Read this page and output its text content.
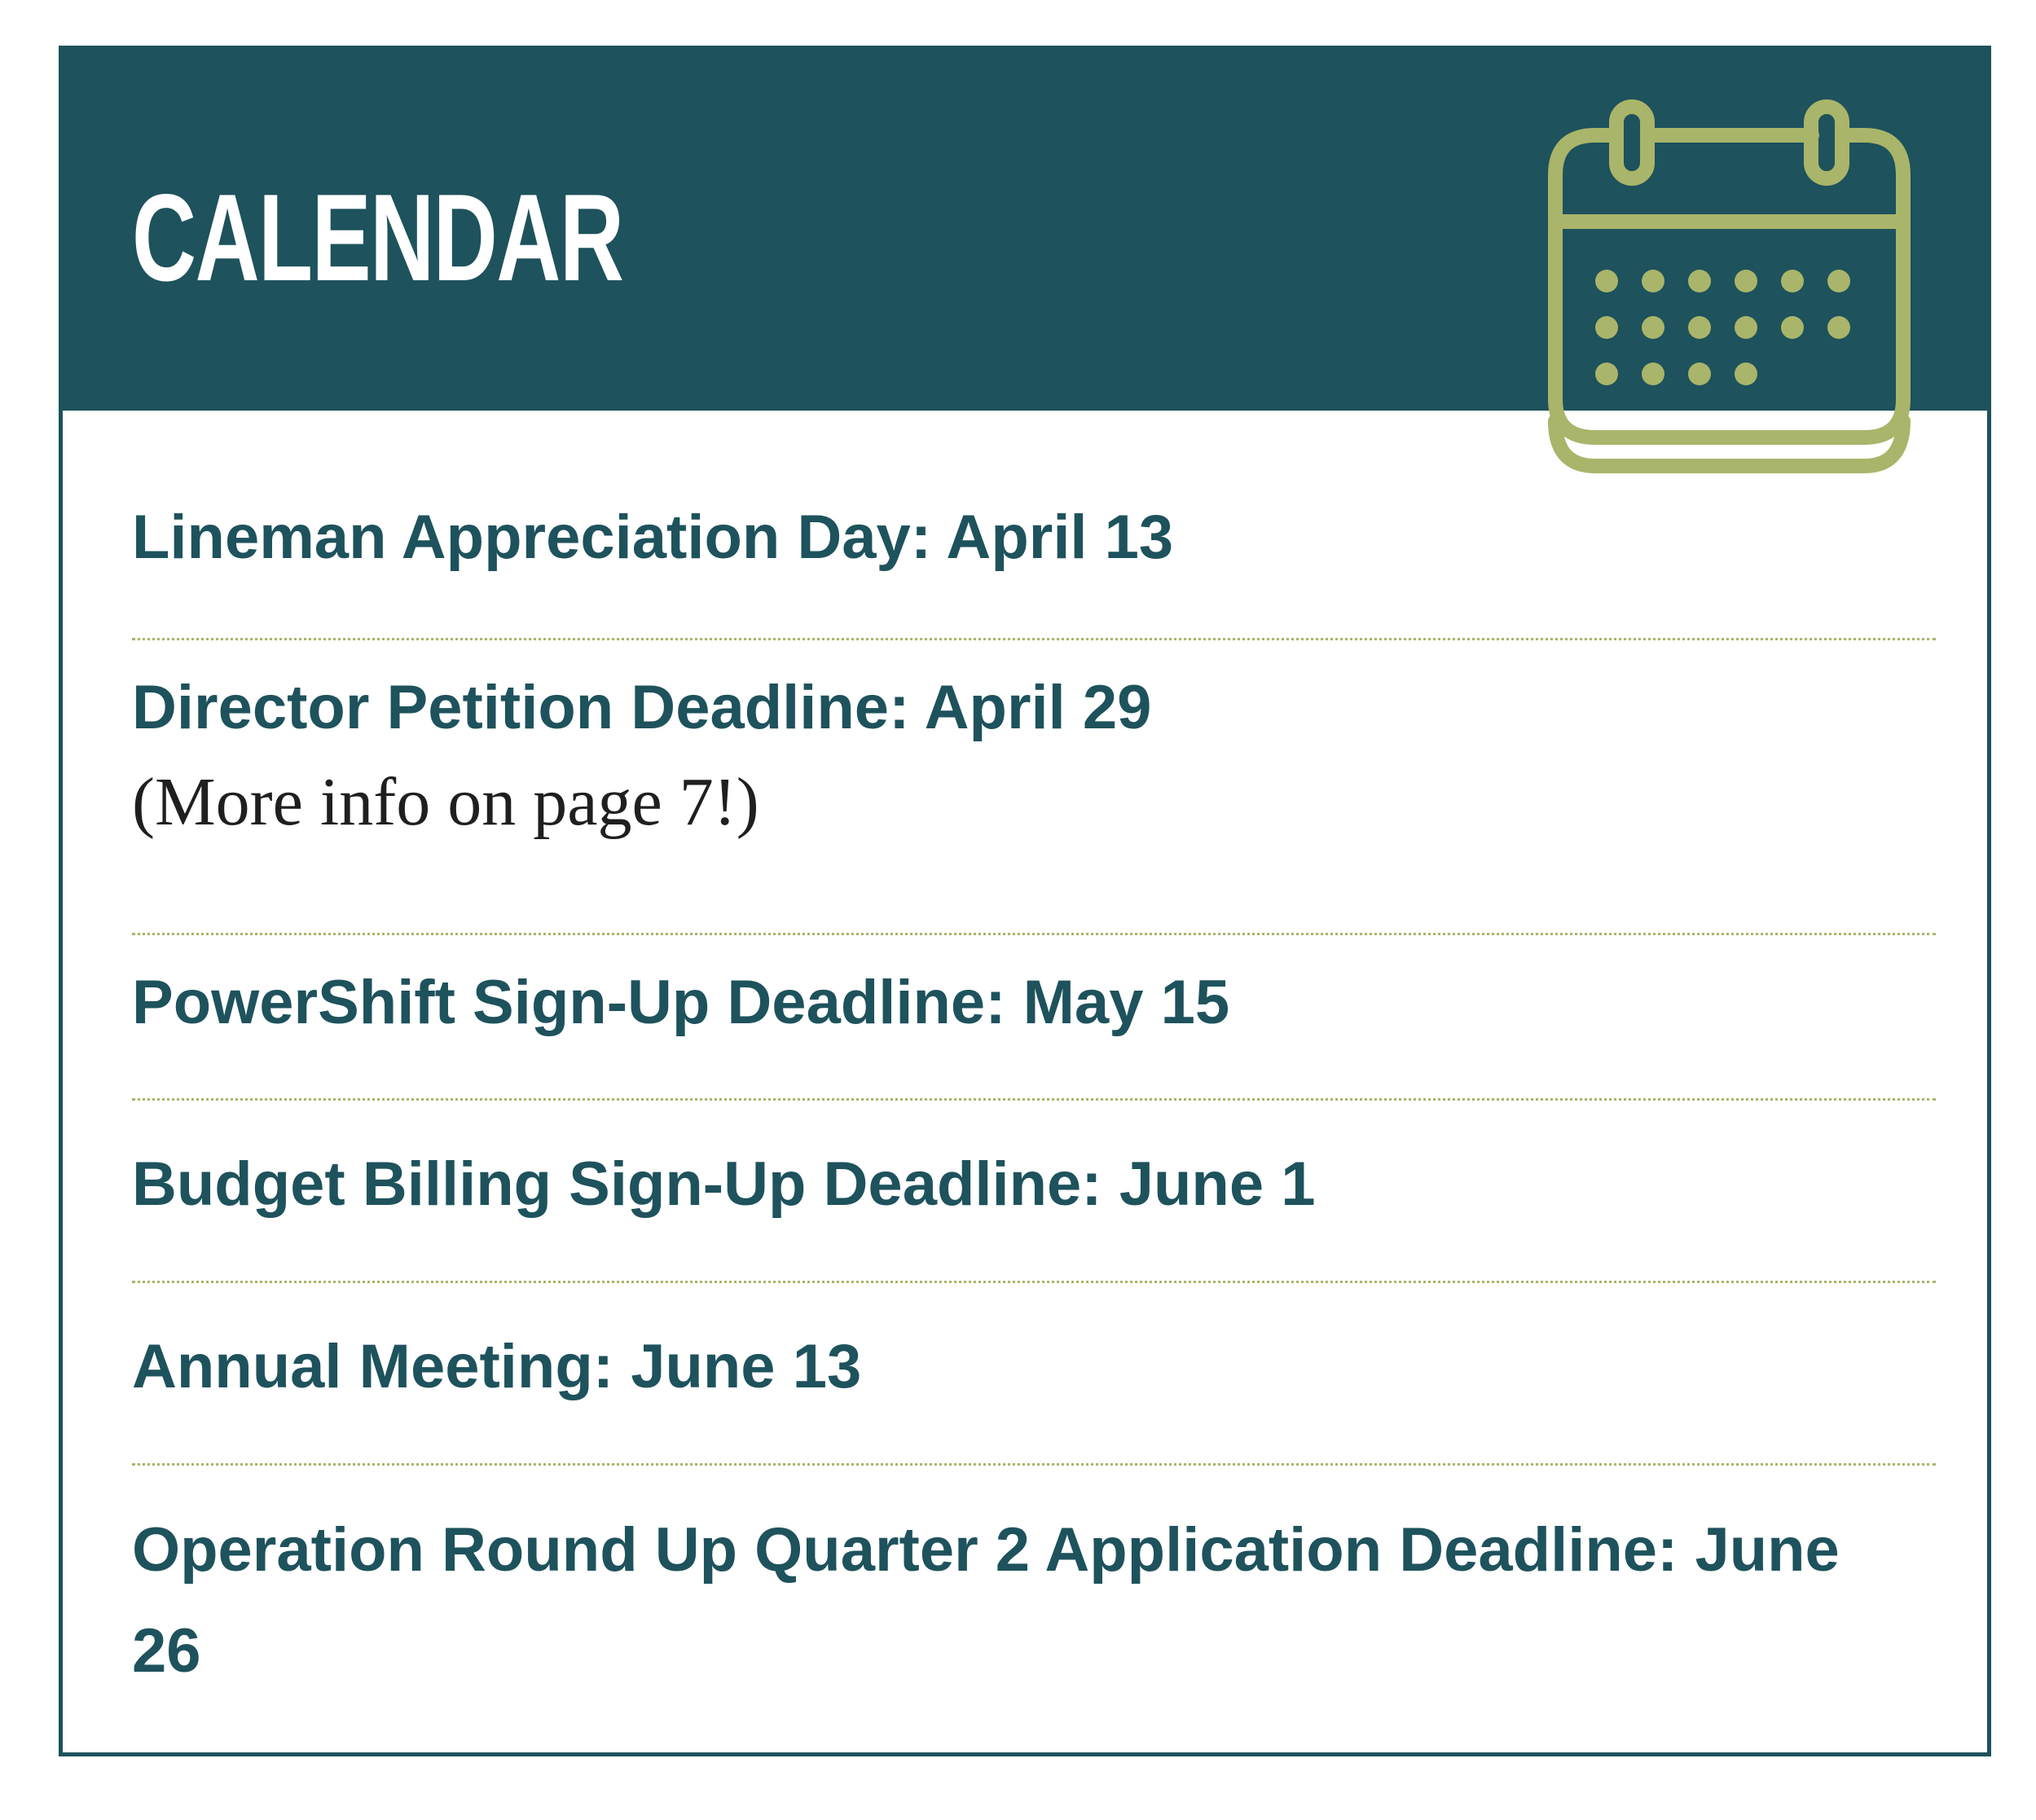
CALENDAR
Lineman Appreciation Day: April 13
Director Petition Deadline: April 29
(More info on page 7!)
PowerShift Sign-Up Deadline: May 15
Budget Billing Sign-Up Deadline: June 1
Annual Meeting: June 13
Operation Round Up Quarter 2 Application Deadline: June 26
